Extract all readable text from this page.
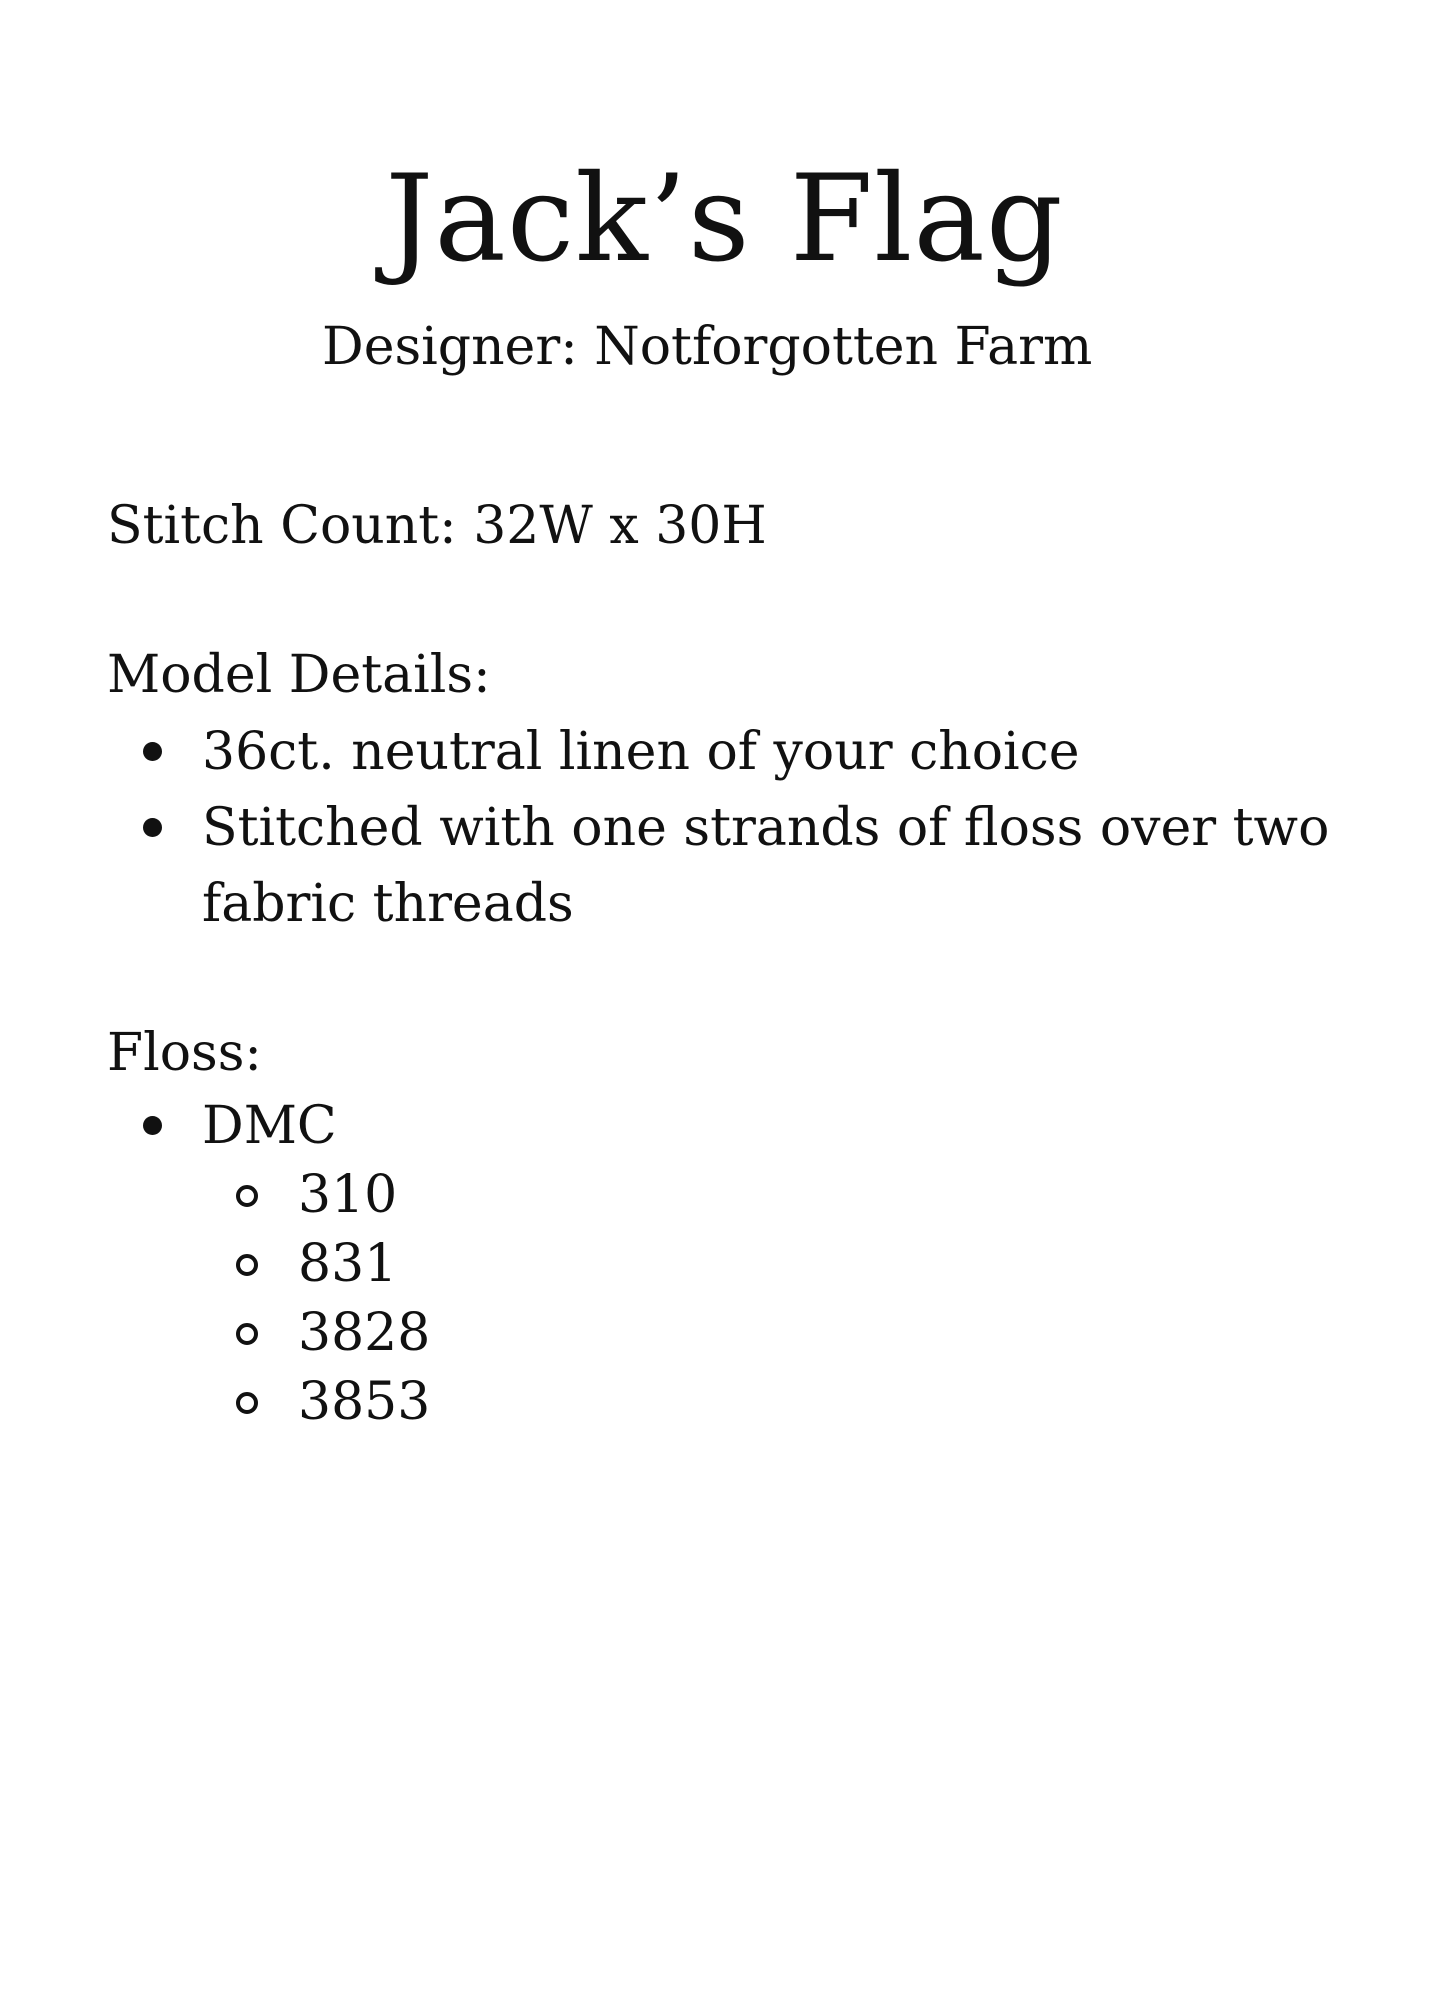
Jack’s Flag

Designer: Notforgotten Farm

Stitch Count: 32W x 30H

Model Details:

36ct. neutral linen of your choice
Stitched with one strands of floss over two fabric threads

Floss:

DMC
310
831
3828
3853
